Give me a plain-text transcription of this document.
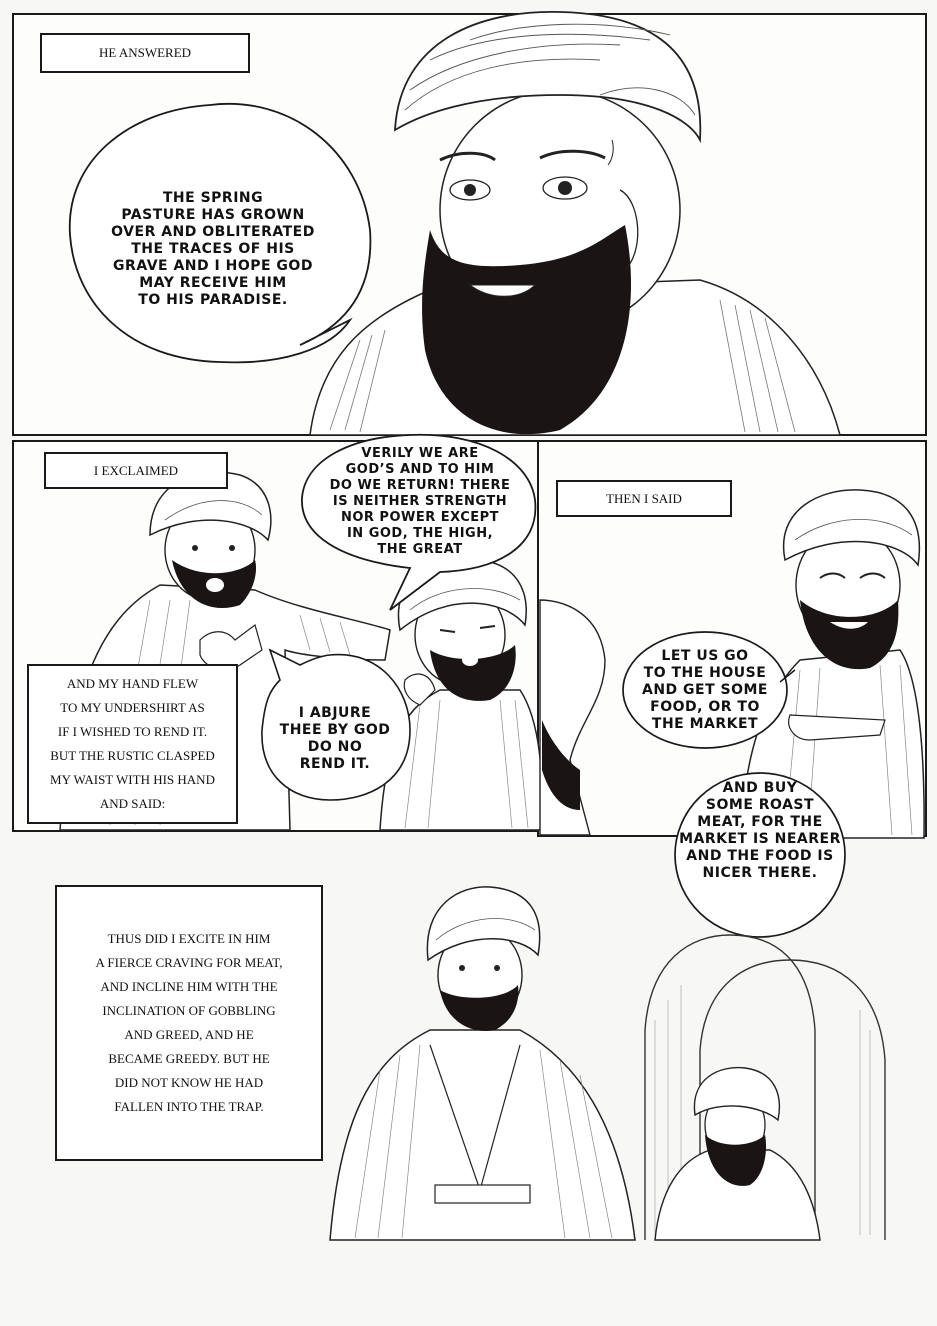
HE ANSWERED
THE SPRING
PASTURE HAS GROWN
OVER AND OBLITERATED
THE TRACES OF HIS
GRAVE AND I HOPE GOD
MAY RECEIVE HIM
TO HIS PARADISE.
I EXCLAIMED
VERILY WE ARE
GOD’S AND TO HIM
DO WE RETURN! THERE
IS NEITHER STRENGTH
NOR POWER EXCEPT
IN GOD, THE HIGH,
THE GREAT
AND MY HAND FLEW
TO MY UNDERSHIRT AS
IF I WISHED TO REND IT.
BUT THE RUSTIC CLASPED
MY WAIST WITH HIS HAND
AND SAID:
I ABJURE
THEE BY GOD
DO NO
REND IT.
THEN I SAID
LET US GO
TO THE HOUSE
AND GET SOME
FOOD, OR TO
THE MARKET
AND BUY
SOME ROAST
MEAT, FOR THE
MARKET IS NEARER
AND THE FOOD IS
NICER THERE.
THUS DID I EXCITE IN HIM
A FIERCE CRAVING FOR MEAT,
AND INCLINE HIM WITH THE
INCLINATION OF GOBBLING
AND GREED, AND HE
BECAME GREEDY. BUT HE
DID NOT KNOW HE HAD
FALLEN INTO THE TRAP.
